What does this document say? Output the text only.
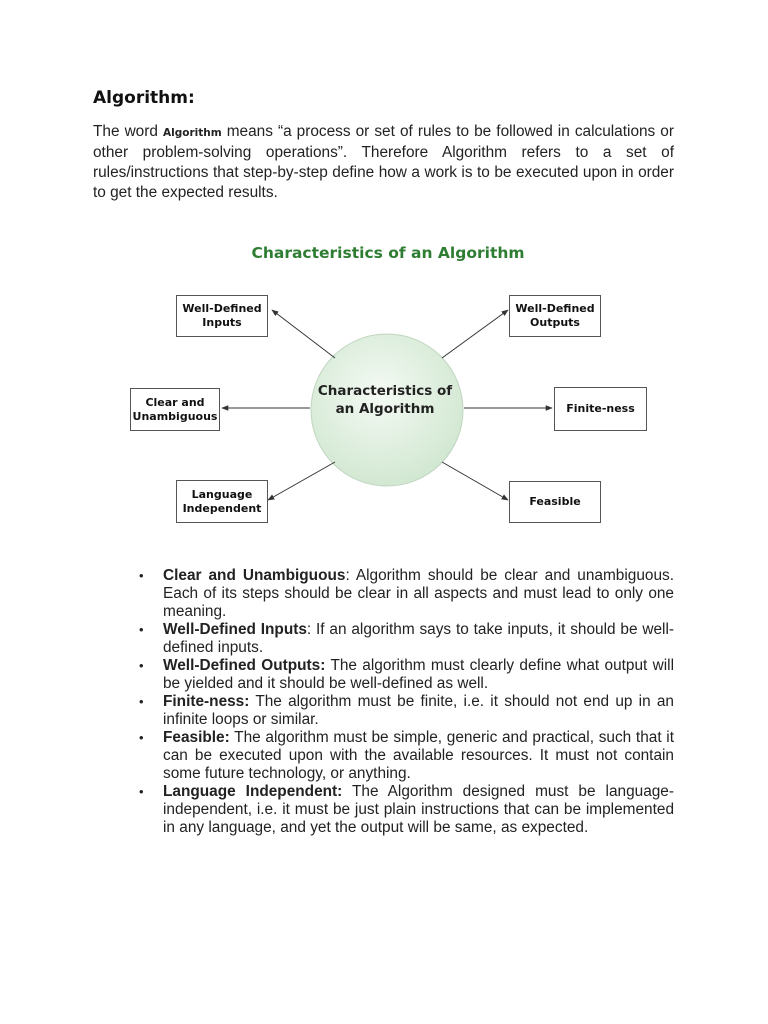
Algorithm:

The word Algorithm means “a process or set of rules to be followed in calculations or other problem-solving operations”. Therefore Algorithm refers to a set of rules/instructions that step-by-step define how a work is to be executed upon in order to get the expected results.

Characteristics of an Algorithm
Well-Defined
Inputs
Well-Defined
Outputs
Clear and
Unambiguous
Finite-ness
Language
Independent	Feasible
Characteristics of
an Algorithm
• Clear and Unambiguous: Algorithm should be clear and unambiguous. Each of its steps should be clear in all aspects and must lead to only one meaning.
• Well-Defined Inputs: If an algorithm says to take inputs, it should be well-defined inputs.
• Well-Defined Outputs: The algorithm must clearly define what output will be yielded and it should be well-defined as well.
• Finite-ness: The algorithm must be finite, i.e. it should not end up in an infinite loops or similar.
• Feasible: The algorithm must be simple, generic and practical, such that it can be executed upon with the available resources. It must not contain some future technology, or anything.
• Language Independent: The Algorithm designed must be language-independent, i.e. it must be just plain instructions that can be implemented in any language, and yet the output will be same, as expected.
